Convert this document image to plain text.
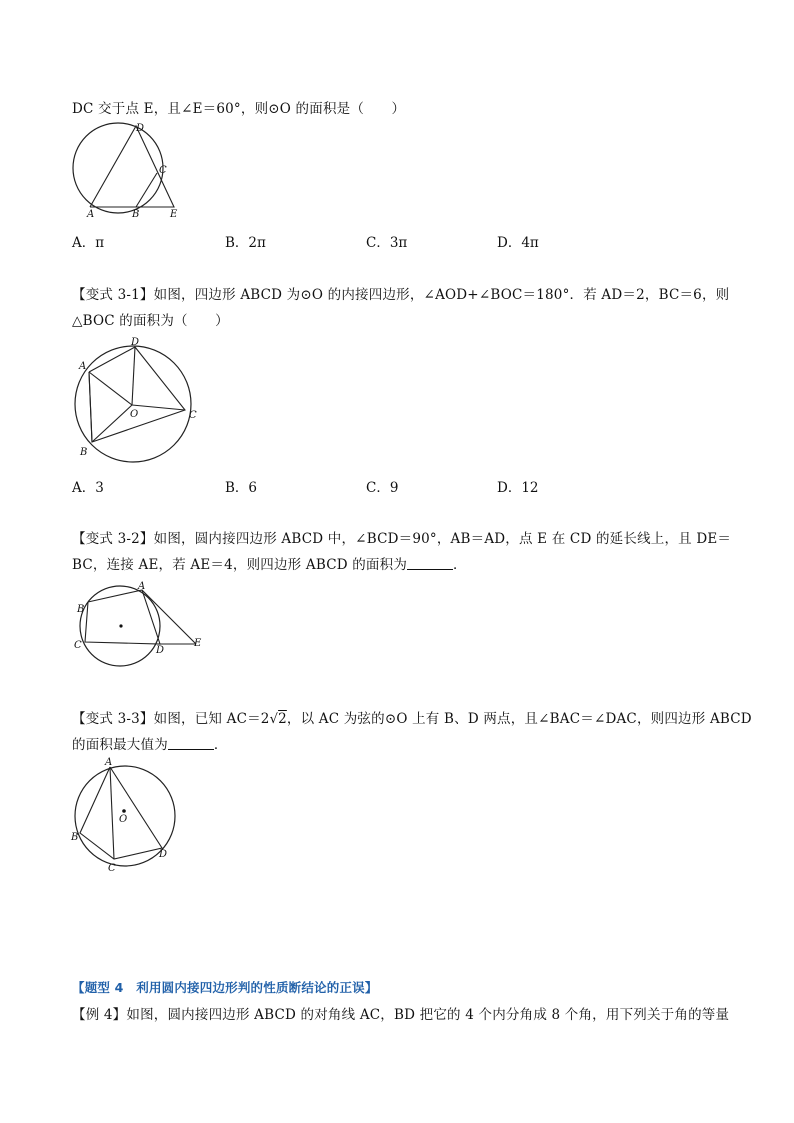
DC 交于点 E，且∠E＝60°，则⊙O 的面积是（　　）
D
C
A	B	E
A．π	B．2π	C．3π	D．4π
【变式 3-1】如图，四边形 ABCD 为⊙O 的内接四边形，∠AOD+∠BOC＝180°．若 AD＝2，BC＝6，则
△BOC 的面积为（　　）
D
A
O	C
B
A．3	B．6	C．9	D．12
【变式 3-2】如图，圆内接四边形 ABCD 中，∠BCD＝90°，AB＝AD，点 E 在 CD 的延长线上，且 DE＝
BC，连接 AE，若 AE＝4，则四边形 ABCD 的面积为	．
A
B
C	D
E
【变式 3-3】如图，已知 AC＝2√2，以 AC 为弦的⊙O 上有 B、D 两点，且∠BAC＝∠DAC，则四边形 ABCD
的面积最大值为	．
A
O
B
C
D
【题型 4　利用圆内接四边形判的性质断结论的正误】
【例 4】如图，圆内接四边形 ABCD 的对角线 AC，BD 把它的 4 个内分角成 8 个角，用下列关于角的等量
